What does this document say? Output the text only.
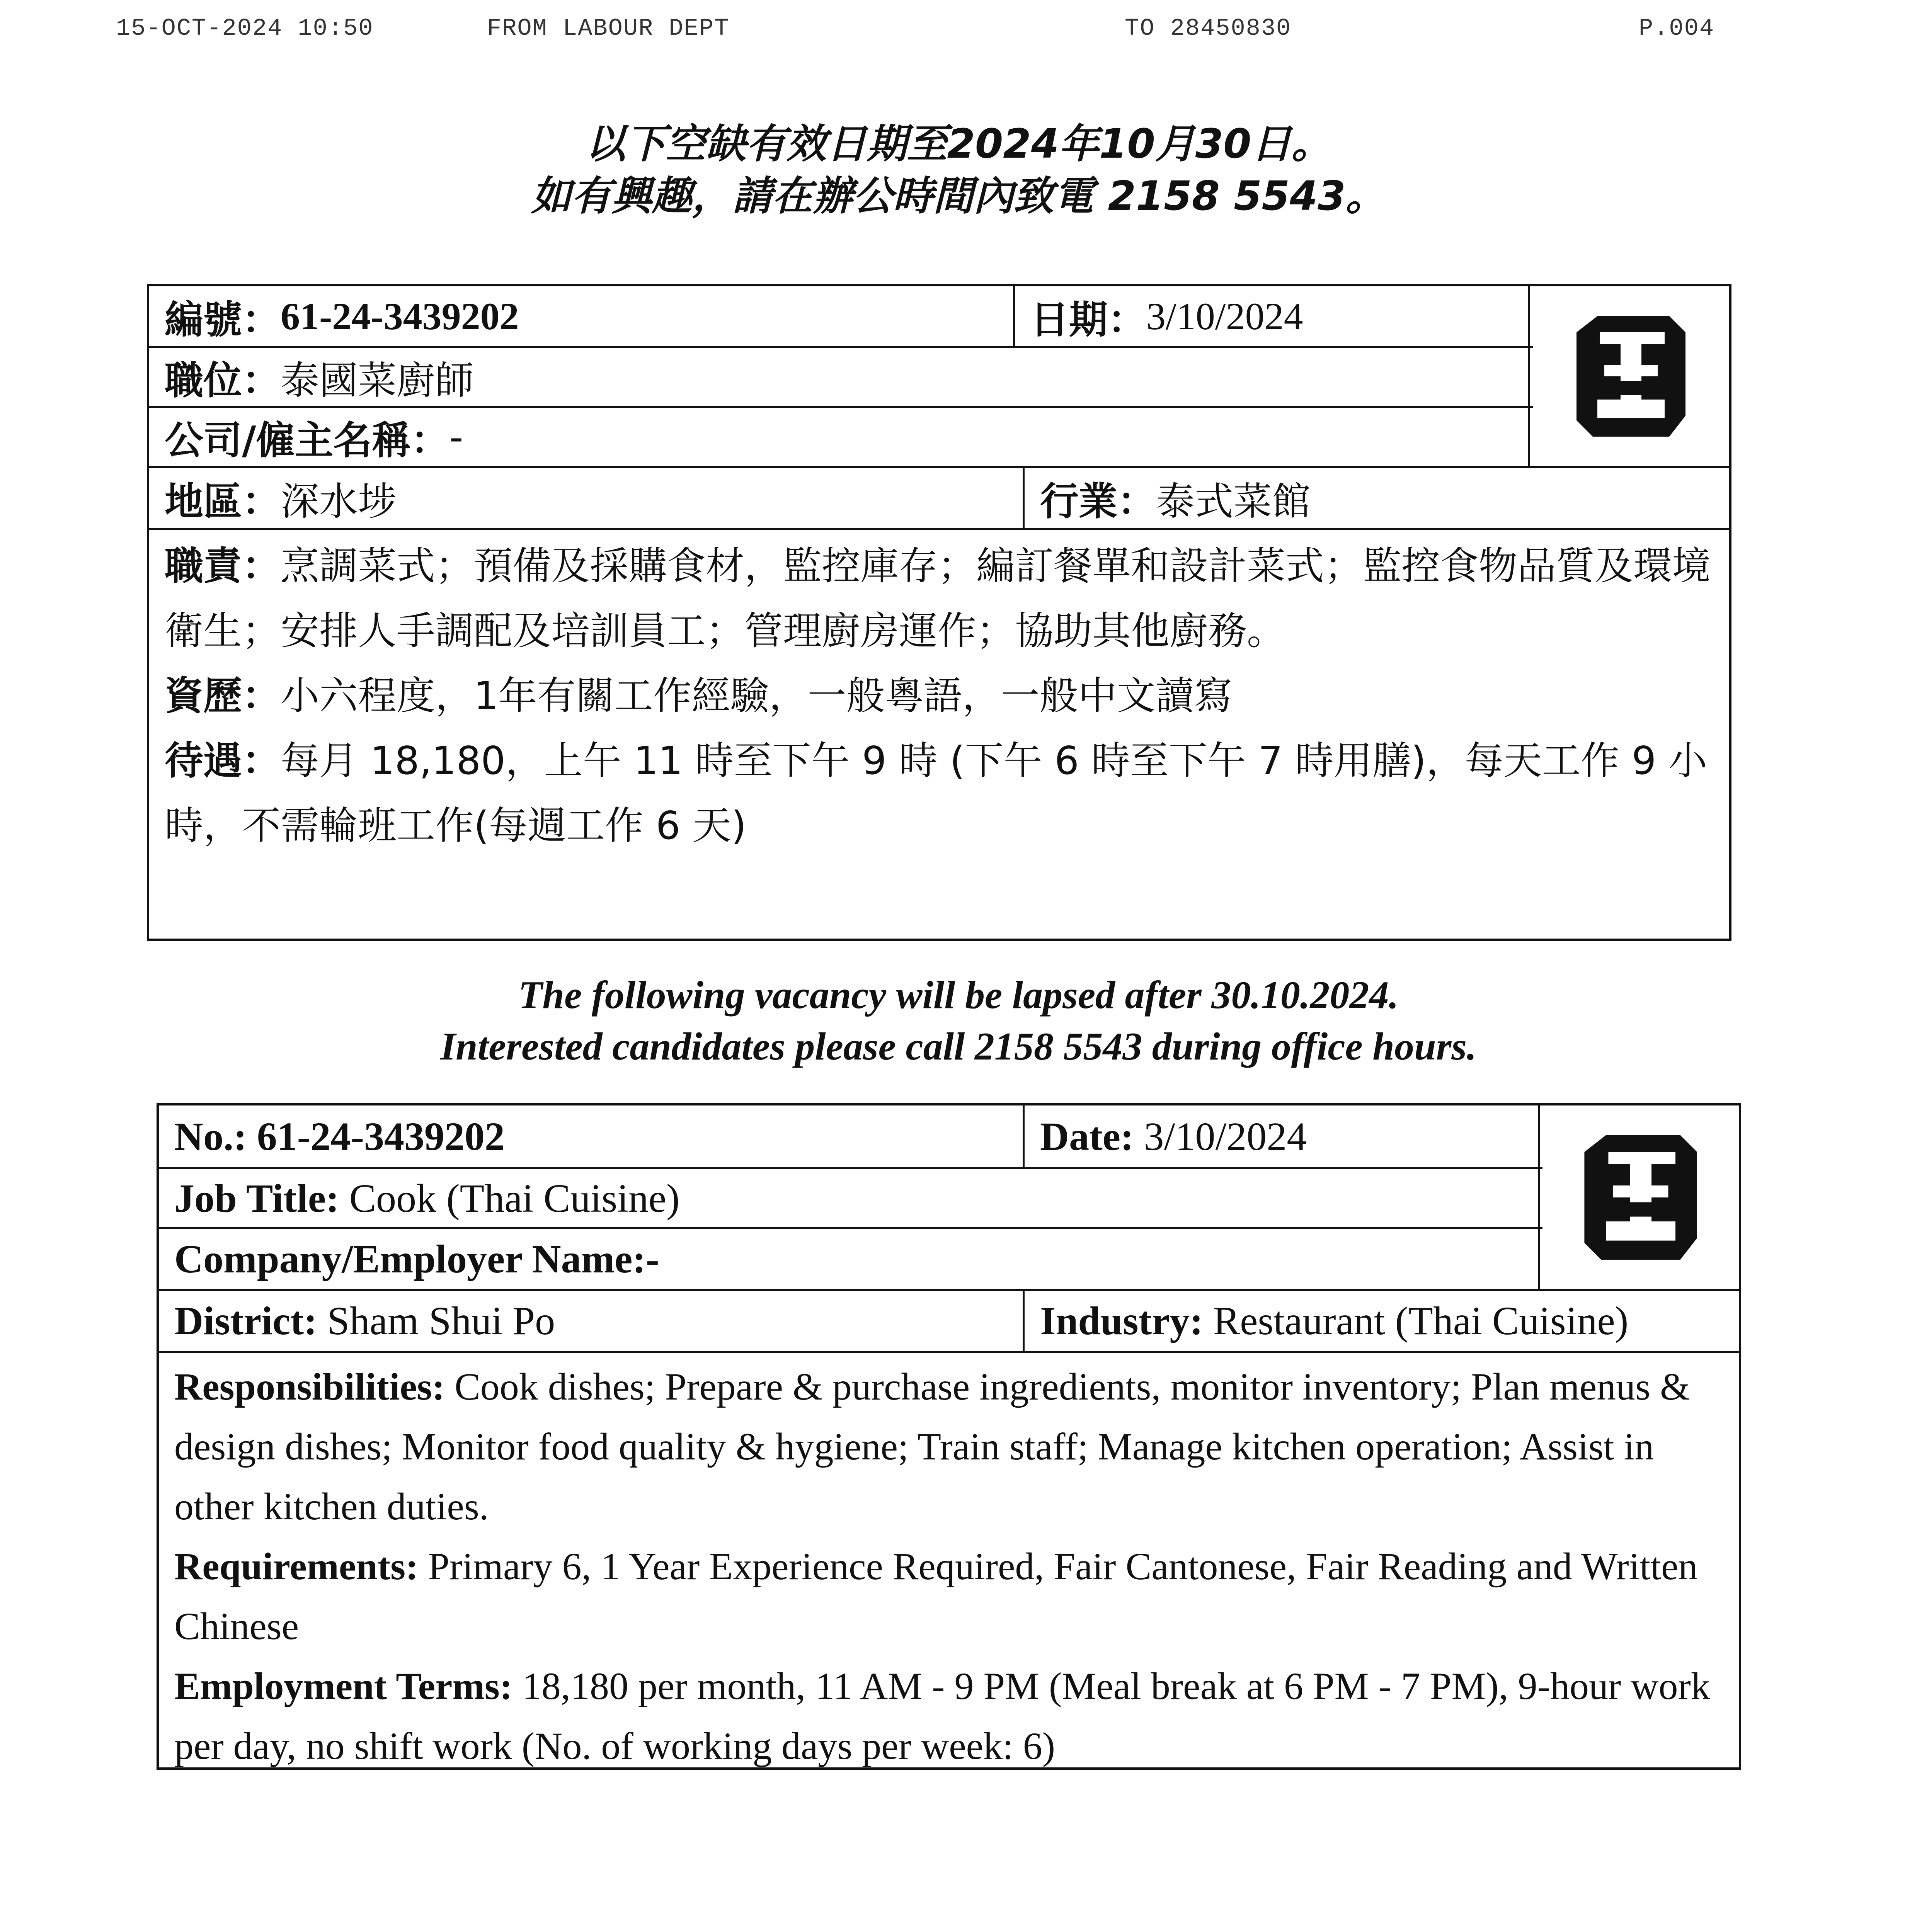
15-OCT-2024 10:50	FROM LABOUR DEPT	TO 28450830	P.004
以下空缺有效日期至2024年10月30日。
如有興趣，請在辦公時間內致電 2158 5543。
編號： 61-24-3439202	日期： 3/10/2024
職位： 泰國菜廚師
公司/僱主名稱： -
地區： 深水埗	行業： 泰式菜館

職責：烹調菜式；預備及採購食材，監控庫存；編訂餐單和設計菜式；監控食物品質及環境衛生；安排人手調配及培訓員工；管理廚房運作；協助其他廚務。

資歷：小六程度，1年有關工作經驗，一般粵語，一般中文讀寫

待遇：每月 18,180，上午 11 時至下午 9 時 (下午 6 時至下午 7 時用膳)，每天工作 9 小時，不需輪班工作(每週工作 6 天)

The following vacancy will be lapsed after 30.10.2024.
Interested candidates please call 2158 5543 during office hours.
No.:
61-24-3439202	Date:
3/10/2024
Job Title:
Cook (Thai Cuisine)
Company/Employer Name: -
District:
Sham Shui Po	Industry:
Restaurant (Thai Cuisine)

Responsibilities: Cook dishes; Prepare & purchase ingredients, monitor inventory; Plan menus & design dishes; Monitor food quality & hygiene; Train staff; Manage kitchen operation; Assist in other kitchen duties.

Requirements: Primary 6, 1 Year Experience Required, Fair Cantonese, Fair Reading and Written Chinese

Employment Terms: 18,180 per month, 11 AM - 9 PM (Meal break at 6 PM - 7 PM), 9-hour work per day, no shift work (No. of working days per week: 6)
